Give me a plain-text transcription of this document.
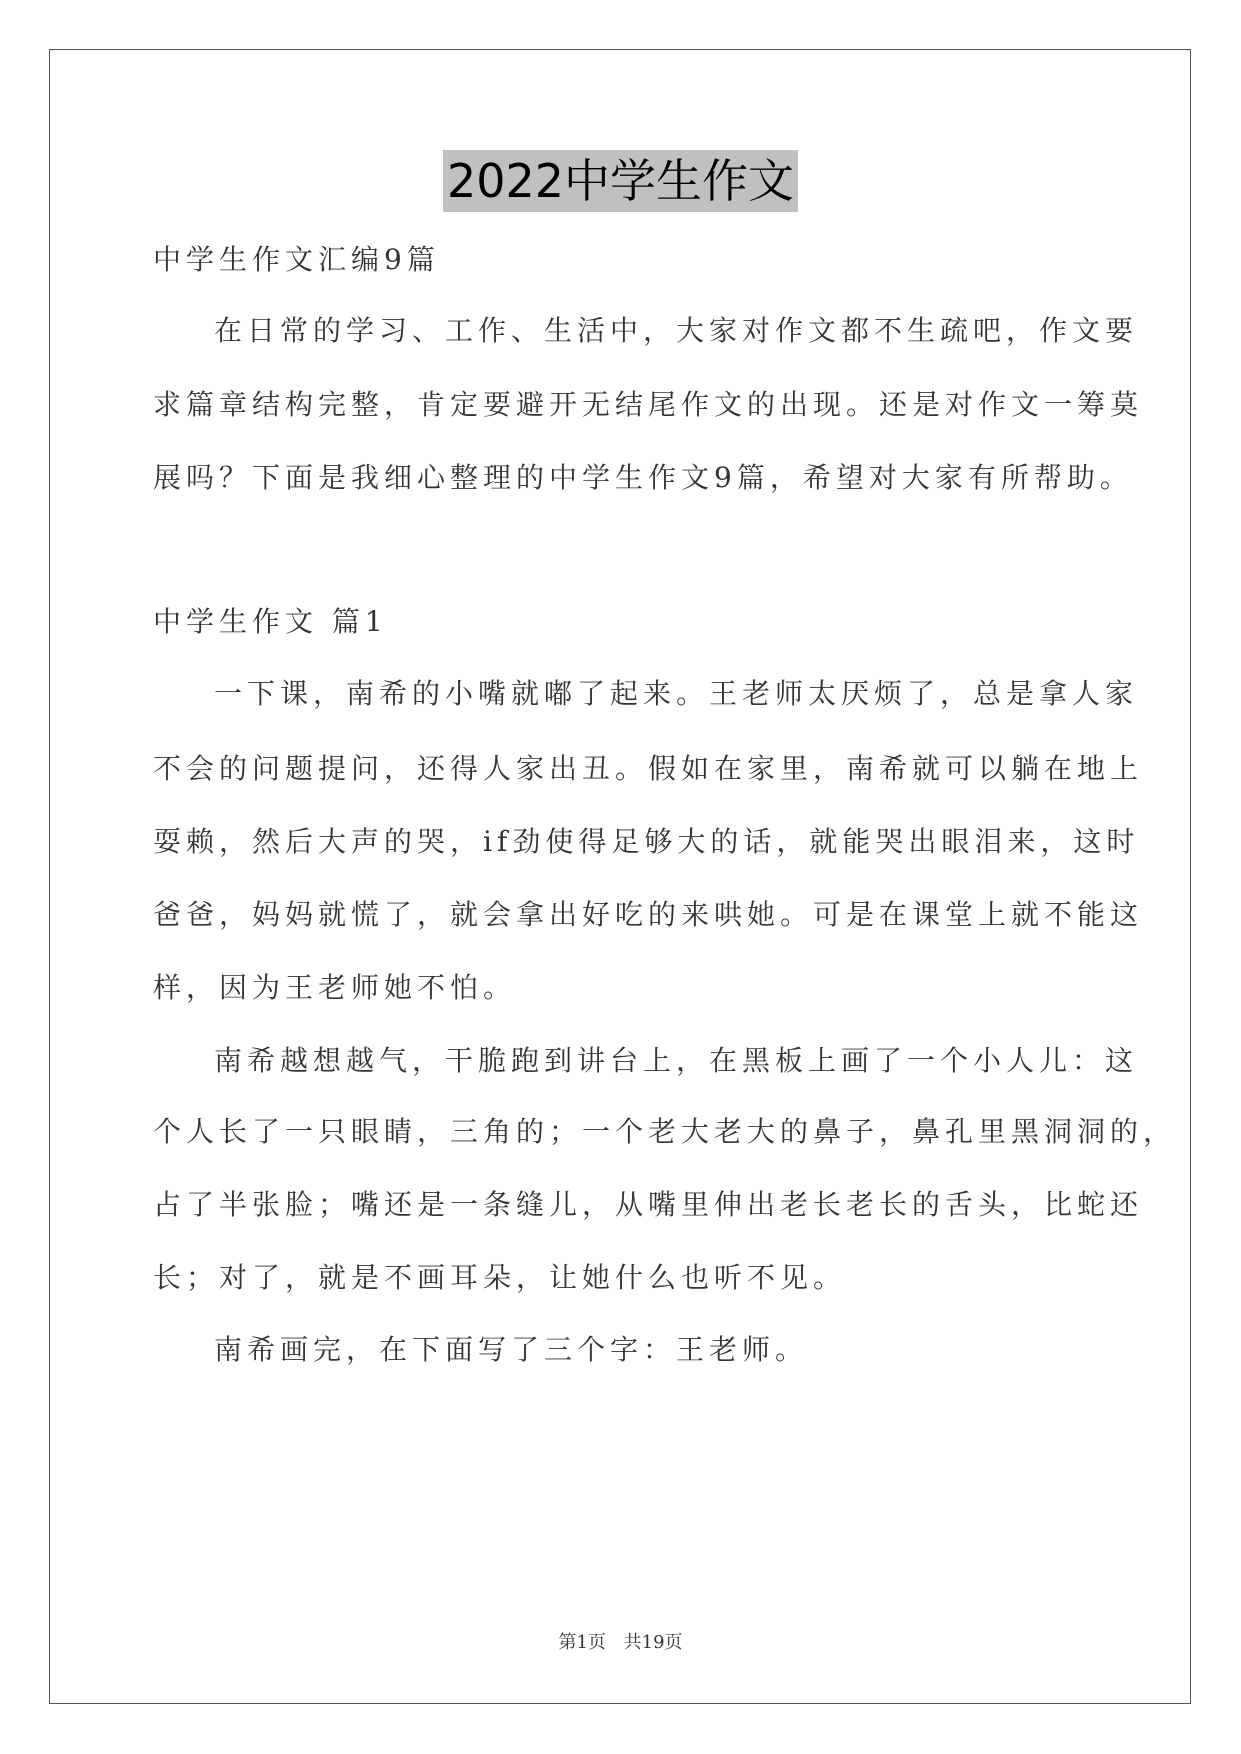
2022中学生作文
中学生作文汇编9篇
在日常的学习、工作、生活中，大家对作文都不生疏吧，作文要
求篇章结构完整，肯定要避开无结尾作文的出现。还是对作文一筹莫
展吗？下面是我细心整理的中学生作文9篇，希望对大家有所帮助。
中学生作文 篇1
一下课，南希的小嘴就嘟了起来。王老师太厌烦了，总是拿人家
不会的问题提问，还得人家出丑。假如在家里，南希就可以躺在地上
耍赖，然后大声的哭，if劲使得足够大的话，就能哭出眼泪来，这时
爸爸，妈妈就慌了，就会拿出好吃的来哄她。可是在课堂上就不能这
样，因为王老师她不怕。
南希越想越气，干脆跑到讲台上，在黑板上画了一个小人儿：这
个人长了一只眼睛，三角的；一个老大老大的鼻子，鼻孔里黑洞洞的，
占了半张脸；嘴还是一条缝儿，从嘴里伸出老长老长的舌头，比蛇还
长；对了，就是不画耳朵，让她什么也听不见。
南希画完，在下面写了三个字：王老师。
第1页 共19页
